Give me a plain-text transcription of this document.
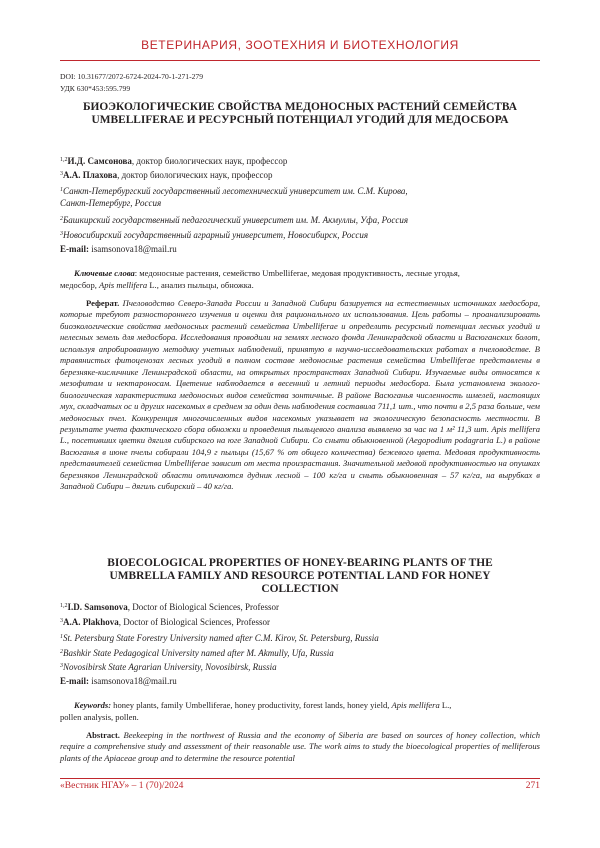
ВЕТЕРИНАРИЯ, ЗООТЕХНИЯ И БИОТЕХНОЛОГИЯ
DOI: 10.31677/2072-6724-2024-70-1-271-279
УДК 630*453:595.799
БИОЭКОЛОГИЧЕСКИЕ СВОЙСТВА МЕДОНОСНЫХ РАСТЕНИЙ СЕМЕЙСТВА
UMBELLIFERAE И РЕСУРСНЫЙ ПОТЕНЦИАЛ УГОДИЙ ДЛЯ МЕДОСБОРА
$^{1,2}$И.Д. Самсонова, доктор биологических наук, профессор
$^3$А.А. Плахова, доктор биологических наук, профессор
$^1$Санкт-Петербургский государственный лесотехнический университет им. С.М. Кирова,
Санкт-Петербург, Россия
$^2$Башкирский государственный педагогический университет им. М. Акмуллы, Уфа, Россия
$^3$Новосибирский государственный аграрный университет, Новосибирск, Россия
E-mail: isamsonova18@mail.ru

Ключевые слова: медоносные растения, семейство Umbelliferae, медовая продуктивность, лесные угодья,

медосбор, Apis mellifera L., анализ пыльцы, обножка.

Реферат. Пчеловодство Северо-Запада России и Западной Сибири базируется на естественных источниках медосбора, которые требуют разностороннего изучения и оценки для рационального их использования. Цель работы – проанализировать биоэкологические свойства медоносных растений семейства Umbelliferae и определить ресурсный потенциал лесных угодий и нелесных земель для медосбора. Исследования проводили на землях лесного фонда Ленинградской области и Васюганских болот, используя апробированную методику учетных наблюдений, принятую в научно-исследовательских работах в пчеловодстве. В травянистых фитоценозах лесных угодий в полном составе медоносные растения семейства Umbelliferae представлены в березняке-кисличнике Ленинградской области, на открытых пространствах Западной Сибири. Изучаемые виды относятся к мезофитам и нектароносам. Цветение наблюдается в весенний и летний периоды медосбора. Была установлена эколого-биологическая характеристика медоносных видов семейства зонтичные. В районе Васюганья численность шмелей, настоящих мух, складчатых ос и других насекомых в среднем за один день наблюдения составила 711,1 шт., что почти в 2,5 раза больше, чем медоносных пчел. Конкуренция многочисленных видов насекомых указывает на экологическую безопасность местности. В результате учета фактического сбора обножки и проведения пыльцевого анализа выявлено за час на 1 м² 11,3 шт. Apis mellifera L., посетивших цветки дягиля сибирского на юге Западной Сибири. Со сныти обыкновенной (Aegopodium podagraria L.) в районе Васюганья в июне пчелы собирали 104,9 г пыльцы (15,67 % от общего количества) бежевого цвета. Медовая продуктивность представителей семейства Umbelliferae зависит от места произрастания. Значительной медовой продуктивностью на опушках березняков Ленинградской области отличаются дудник лесной – 100 кг/га и сныть обыкновенная – 57 кг/га, на вырубках в Западной Сибири – дягиль сибирский – 40 кг/га.

BIOECOLOGICAL PROPERTIES OF HONEY-BEARING PLANTS OF THE
UMBRELLA FAMILY AND RESOURCE POTENTIAL LAND FOR HONEY
COLLECTION
$^{1,2}$I.D. Samsonova, Doctor of Biological Sciences, Professor
$^3$A.A. Plakhova, Doctor of Biological Sciences, Professor
$^1$St. Petersburg State Forestry University named after C.M. Kirov, St. Petersburg, Russia
$^2$Bashkir State Pedagogical University named after M. Akmully, Ufa, Russia
$^3$Novosibirsk State Agrarian University, Novosibirsk, Russia
E-mail: isamsonova18@mail.ru

Keywords: honey plants, family Umbelliferae, honey productivity, forest lands, honey yield, Apis mellifera L.,

pollen analysis, pollen.

Abstract. Beekeeping in the northwest of Russia and the economy of Siberia are based on sources of honey collection, which require a comprehensive study and assessment of their reasonable use. The work aims to study the bioecological properties of melliferous plants of the Apiaceae group and to determine the resource potential

«Вестник НГАУ» – 1 (70)/2024	271
